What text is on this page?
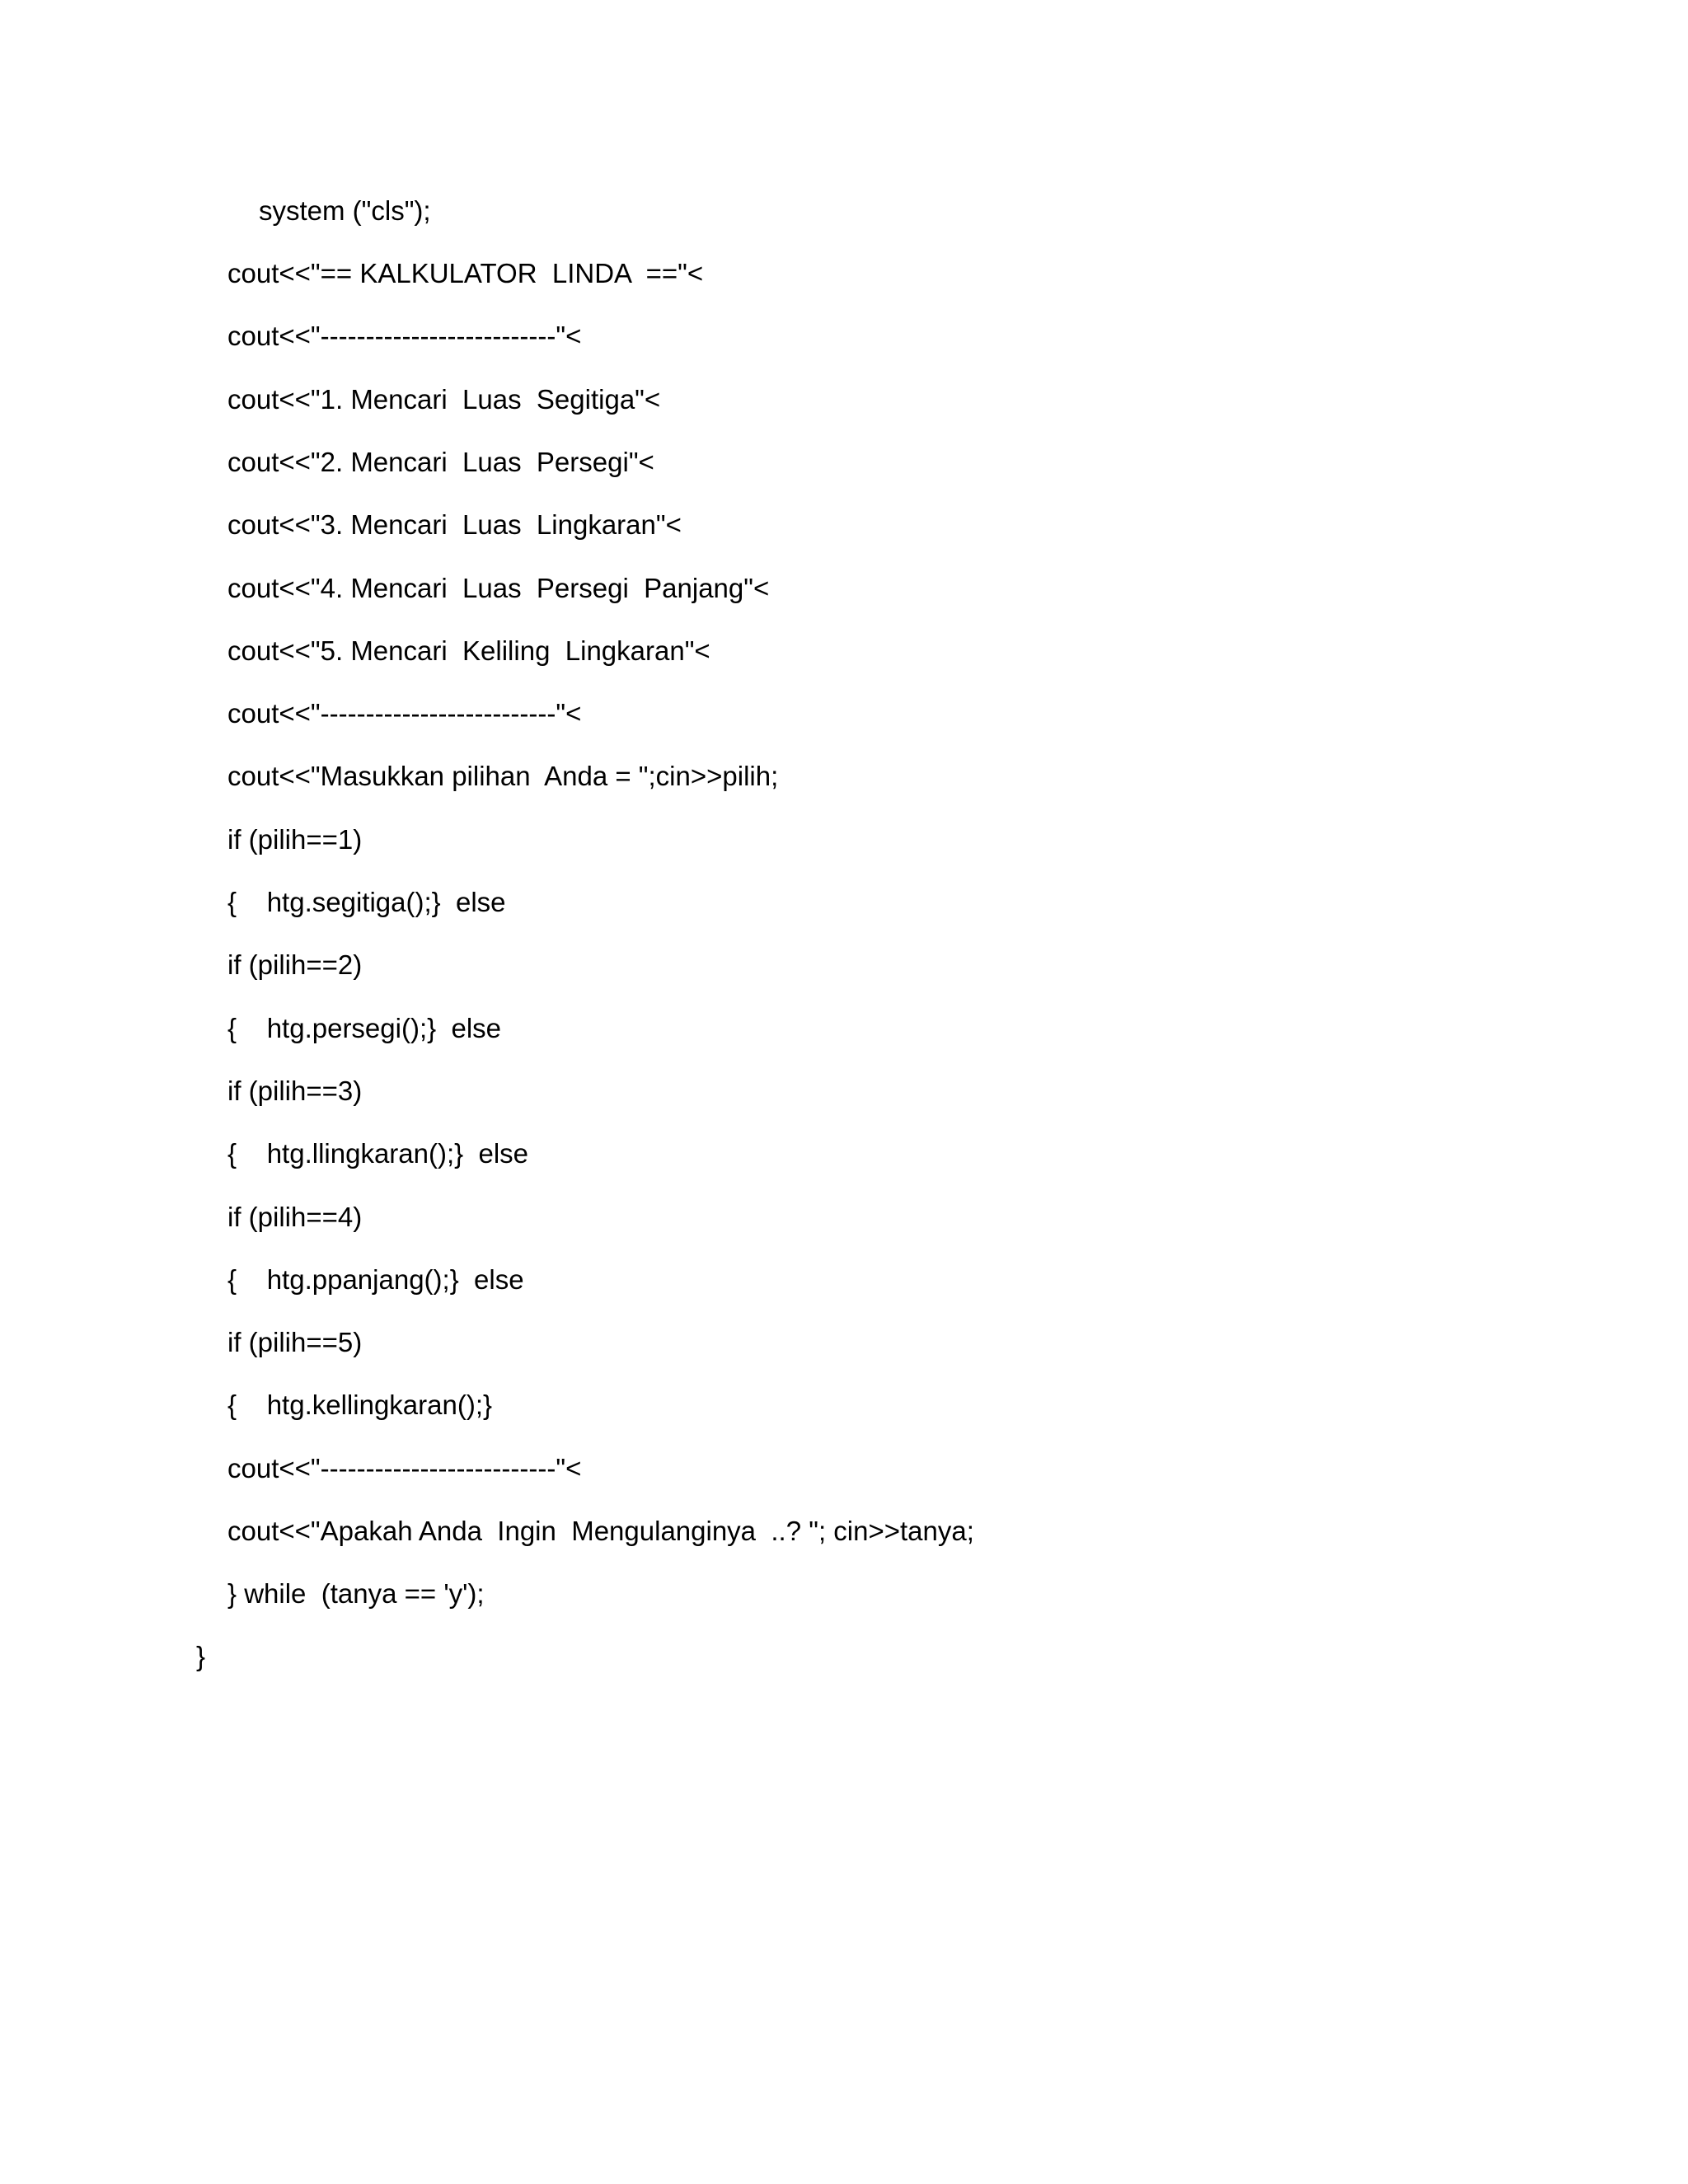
system ("cls");
cout<<"== KALKULATOR  LINDA  =="<
cout<<"--------------------------"<
cout<<"1. Mencari  Luas  Segitiga"<
cout<<"2. Mencari  Luas  Persegi"<
cout<<"3. Mencari  Luas  Lingkaran"<
cout<<"4. Mencari  Luas  Persegi  Panjang"<
cout<<"5. Mencari  Keliling  Lingkaran"<
cout<<"--------------------------"<
cout<<"Masukkan pilihan  Anda = ";cin>>pilih;
if (pilih==1)
{    htg.segitiga();}  else
if (pilih==2)
{    htg.persegi();}  else
if (pilih==3)
{    htg.llingkaran();}  else
if (pilih==4)
{    htg.ppanjang();}  else
if (pilih==5)
{    htg.kellingkaran();}
cout<<"--------------------------"<
cout<<"Apakah Anda  Ingin  Mengulanginya  ..? "; cin>>tanya;
} while  (tanya == 'y');
}
